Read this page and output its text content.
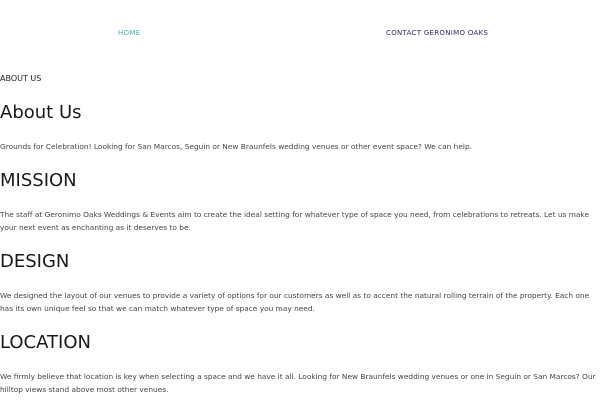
HOME	CONTACT GERONIMO OAKS
ABOUT US
About Us

Grounds for Celebration! Looking for San Marcos, Seguin or New Braunfels wedding venues or other event space? We can help.

MISSION

The staff at Geronimo Oaks Weddings & Events aim to create the ideal setting for whatever type of space you need, from celebrations to retreats. Let us make your next event as enchanting as it deserves to be.

DESIGN

We designed the layout of our venues to provide a variety of options for our customers as well as to accent the natural rolling terrain of the property. Each one has its own unique feel so that we can match whatever type of space you may need.

LOCATION

We firmly believe that location is key when selecting a space and we have it all. Looking for New Braunfels wedding venues or one in Seguin or San Marcos? Our hilltop views stand above most other venues.
